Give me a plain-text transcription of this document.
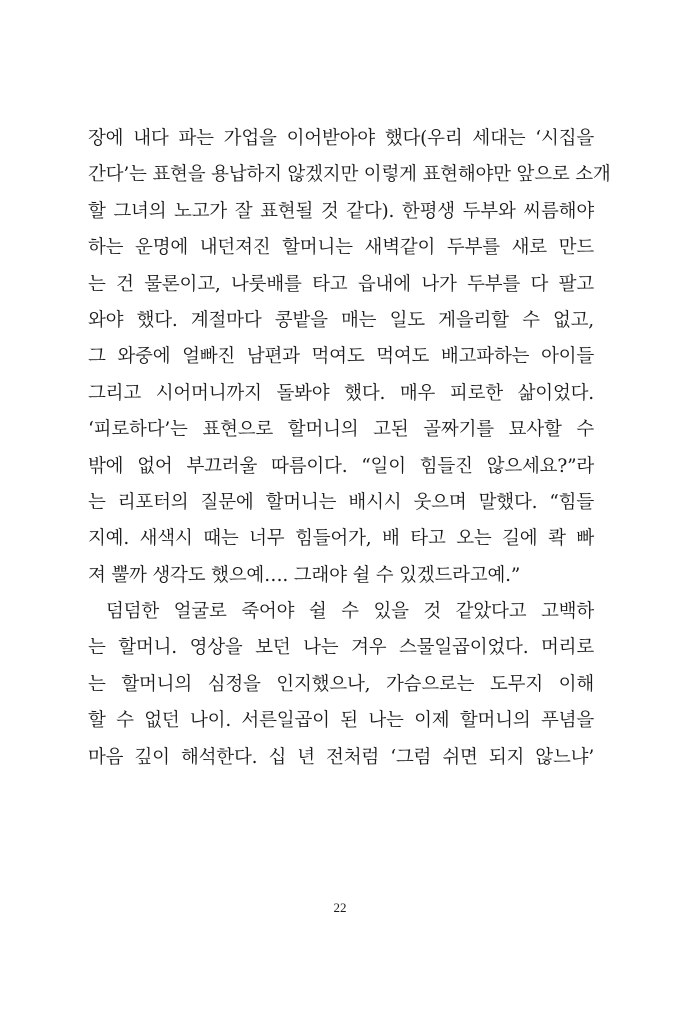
장에 내다 파는 가업을 이어받아야 했다(우리 세대는 ‘시집을
간다’는 표현을 용납하지 않겠지만 이렇게 표현해야만 앞으로 소개
할 그녀의 노고가 잘 표현될 것 같다). 한평생 두부와 씨름해야
하는 운명에 내던져진 할머니는 새벽같이 두부를 새로 만드
는 건 물론이고, 나룻배를 타고 읍내에 나가 두부를 다 팔고
와야 했다. 계절마다 콩밭을 매는 일도 게을리할 수 없고,
그 와중에 얼빠진 남편과 먹여도 먹여도 배고파하는 아이들
그리고 시어머니까지 돌봐야 했다. 매우 피로한 삶이었다.
‘피로하다’는 표현으로 할머니의 고된 골짜기를 묘사할 수
밖에 없어 부끄러울 따름이다. “일이 힘들진 않으세요?”라
는 리포터의 질문에 할머니는 배시시 웃으며 말했다. “힘들
지예. 새색시 때는 너무 힘들어가, 배 타고 오는 길에 콱 빠
져 뿔까 생각도 했으예…. 그래야 쉴 수 있겠드라고예.”
덤덤한 얼굴로 죽어야 쉴 수 있을 것 같았다고 고백하
는 할머니. 영상을 보던 나는 겨우 스물일곱이었다. 머리로
는 할머니의 심정을 인지했으나, 가슴으로는 도무지 이해
할 수 없던 나이. 서른일곱이 된 나는 이제 할머니의 푸념을
마음 깊이 해석한다. 십 년 전처럼 ‘그럼 쉬면 되지 않느냐’
22
